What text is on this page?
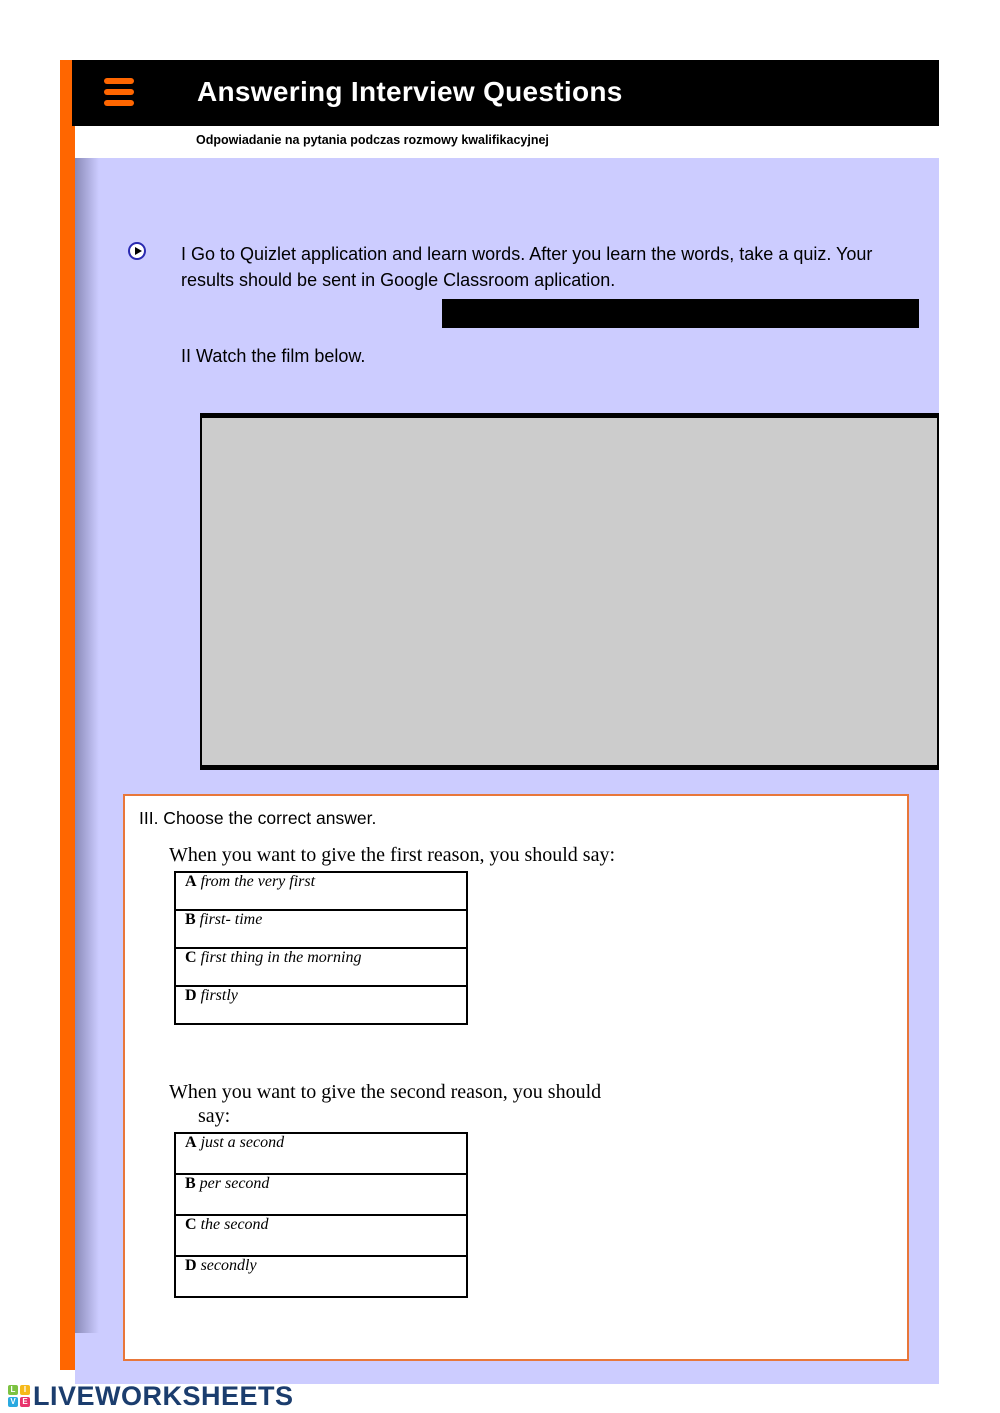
Answering Interview Questions
Odpowiadanie na pytania podczas rozmowy kwalifikacyjnej
I Go to Quizlet application and learn words. After you learn the words, take a quiz. Your results should be sent in Google Classroom aplication.
II Watch the film below.
III. Choose the correct answer.
When you want to give the first reason, you should say:
A from the very first
B first- time
C first thing in the morning
D firstly
When you want to give the second reason, you should
say:
A just a second
B per second
C the second
D secondly
L	I
V E LIVEWORKSHEETS
